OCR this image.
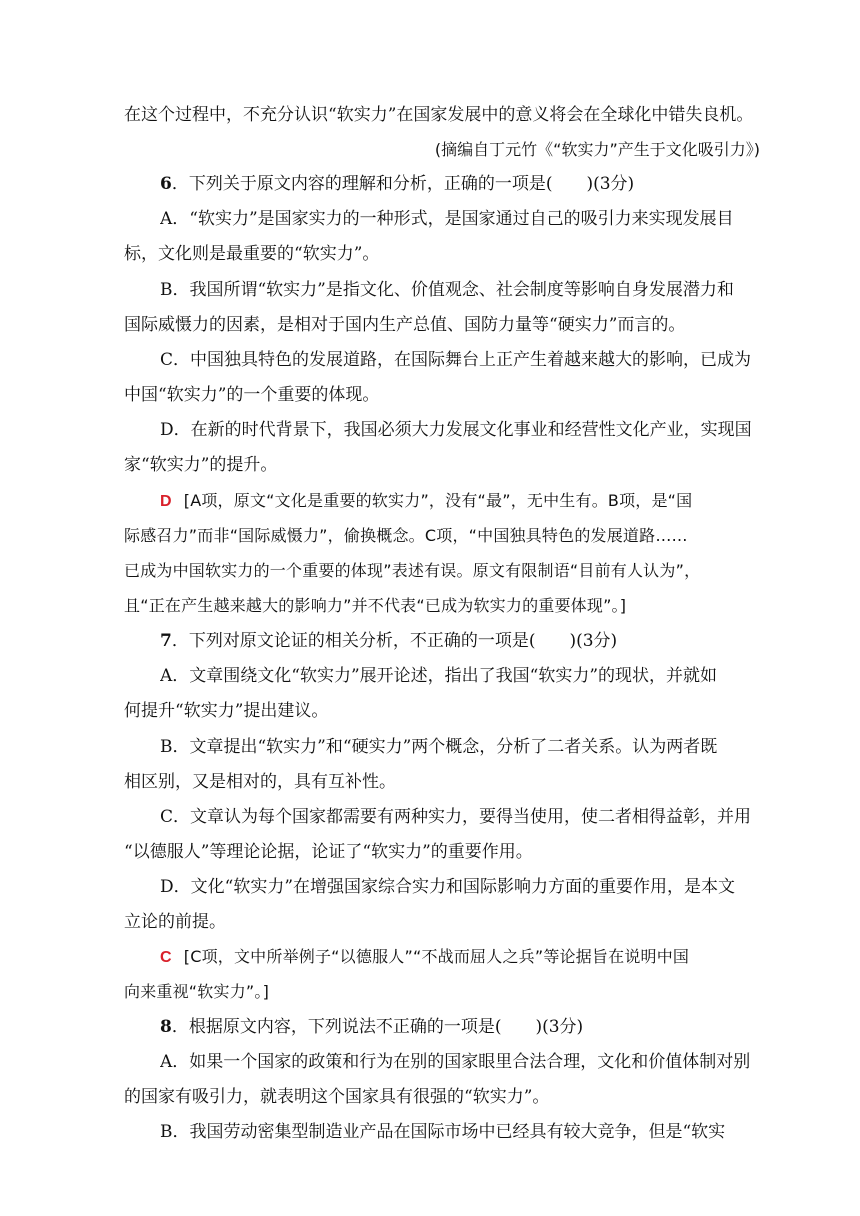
在这个过程中，不充分认识“软实力”在国家发展中的意义将会在全球化中错失良机。
(摘编自丁元竹《“软实力”产生于文化吸引力》)
6．下列关于原文内容的理解和分析，正确的一项是(　　)(3分)
A．“软实力”是国家实力的一种形式，是国家通过自己的吸引力来实现发展目
标，文化则是最重要的“软实力”。
B．我国所谓“软实力”是指文化、价值观念、社会制度等影响自身发展潜力和
国际威慑力的因素，是相对于国内生产总值、国防力量等“硬实力”而言的。
C．中国独具特色的发展道路，在国际舞台上正产生着越来越大的影响，已成为
中国“软实力”的一个重要的体现。
D．在新的时代背景下，我国必须大力发展文化事业和经营性文化产业，实现国
家“软实力”的提升。
D [A项，原文“文化是重要的软实力”，没有“最”，无中生有。B项，是“国
际感召力”而非“国际威慑力”，偷换概念。C项，“中国独具特色的发展道路……
已成为中国软实力的一个重要的体现”表述有误。原文有限制语“目前有人认为”，
且“正在产生越来越大的影响力”并不代表“已成为软实力的重要体现”。]
7．下列对原文论证的相关分析，不正确的一项是(　　)(3分)
A．文章围绕文化“软实力”展开论述，指出了我国“软实力”的现状，并就如
何提升“软实力”提出建议。
B．文章提出“软实力”和“硬实力”两个概念，分析了二者关系。认为两者既
相区别，又是相对的，具有互补性。
C．文章认为每个国家都需要有两种实力，要得当使用，使二者相得益彰，并用
“以德服人”等理论论据，论证了“软实力”的重要作用。
D．文化“软实力”在增强国家综合实力和国际影响力方面的重要作用，是本文
立论的前提。
C [C项，文中所举例子“以德服人”“不战而屈人之兵”等论据旨在说明中国
向来重视“软实力”。]
8．根据原文内容，下列说法不正确的一项是(　　)(3分)
A．如果一个国家的政策和行为在别的国家眼里合法合理，文化和价值体制对别
的国家有吸引力，就表明这个国家具有很强的“软实力”。
B．我国劳动密集型制造业产品在国际市场中已经具有较大竞争，但是“软实
